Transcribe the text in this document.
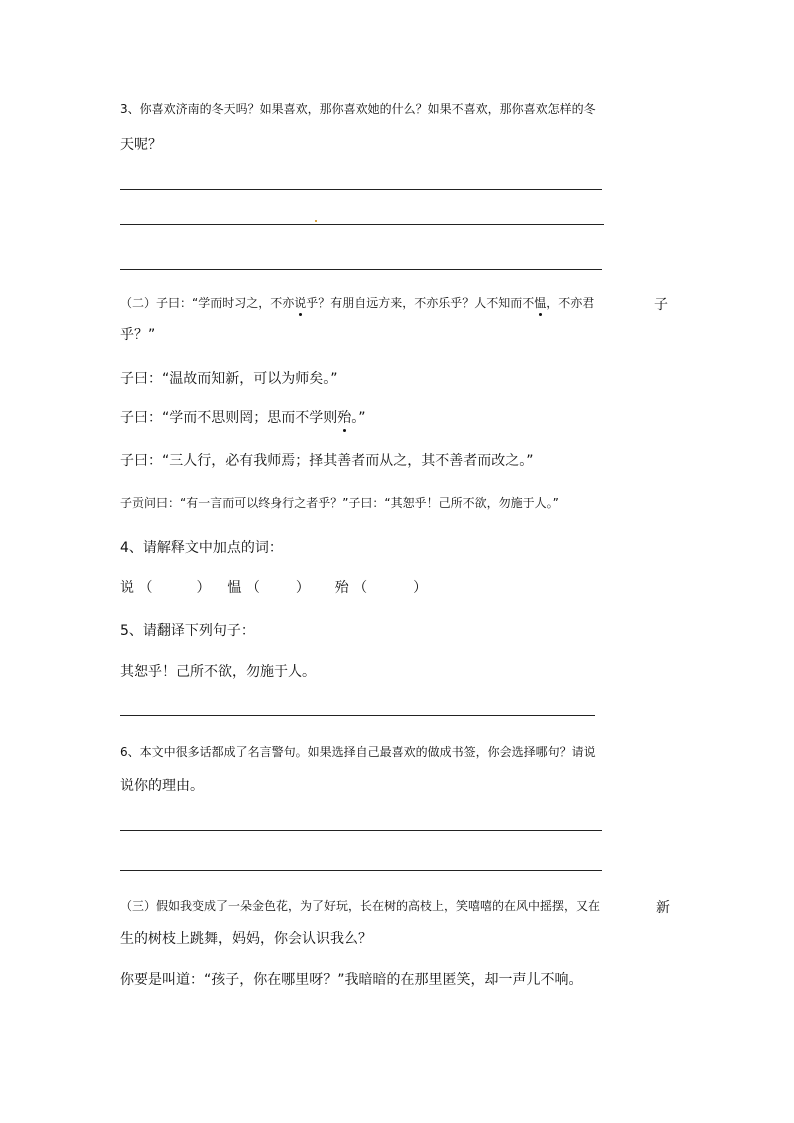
3、你喜欢济南的冬天吗？如果喜欢，那你喜欢她的什么？如果不喜欢，那你喜欢怎样的冬
天呢？
（二）子曰：“学而时习之，不亦说乎？有朋自远方来，不亦乐乎？人不知而不愠，不亦君	子
乎？”
子曰：“温故而知新，可以为师矣。”
子曰：“学而不思则罔；思而不学则殆。”
子曰：“三人行，必有我师焉；择其善者而从之，其不善者而改之。”
子贡问曰：“有一言而可以终身行之者乎？”子曰：“其恕乎！己所不欲，勿施于人。”
4、请解释文中加点的词：
说 （	） 愠 （	） 殆 （	）
5、请翻译下列句子：
其恕乎！己所不欲，勿施于人。
6、本文中很多话都成了名言警句。如果选择自己最喜欢的做成书签，你会选择哪句？请说
说你的理由。
（三）假如我变成了一朵金色花，为了好玩，长在树的高枝上，笑嘻嘻的在风中摇摆，又在	新
生的树枝上跳舞，妈妈，你会认识我么？
你要是叫道：“孩子，你在哪里呀？”我暗暗的在那里匿笑，却一声儿不响。
